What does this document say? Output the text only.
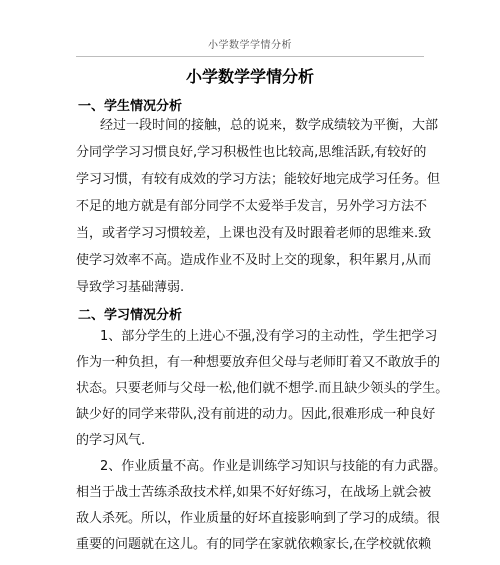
小学数学学情分析
小学数学学情分析
一、学生情况分析
经过一段时间的接触，总的说来，数学成绩较为平衡，大部
分同学学习习惯良好,学习积极性也比较高,思维活跃,有较好的
学习习惯，有较有成效的学习方法；能较好地完成学习任务。但
不足的地方就是有部分同学不太爱举手发言，另外学习方法不
当，或者学习习惯较差，上课也没有及时跟着老师的思维来.致
使学习效率不高。造成作业不及时上交的现象，积年累月,从而
导致学习基础薄弱.
二、学习情况分析
1、部分学生的上进心不强,没有学习的主动性，学生把学习
作为一种负担，有一种想要放弃但父母与老师盯着又不敢放手的
状态。只要老师与父母一松,他们就不想学.而且缺少领头的学生。
缺少好的同学来带队,没有前进的动力。因此,很难形成一种良好
的学习风气.
2、作业质量不高。作业是训练学习知识与技能的有力武器。
相当于战士苦练杀敌技术样,如果不好好练习，在战场上就会被
敌人杀死。所以，作业质量的好坏直接影响到了学习的成绩。很
重要的问题就在这儿。有的同学在家就依赖家长,在学校就依赖
